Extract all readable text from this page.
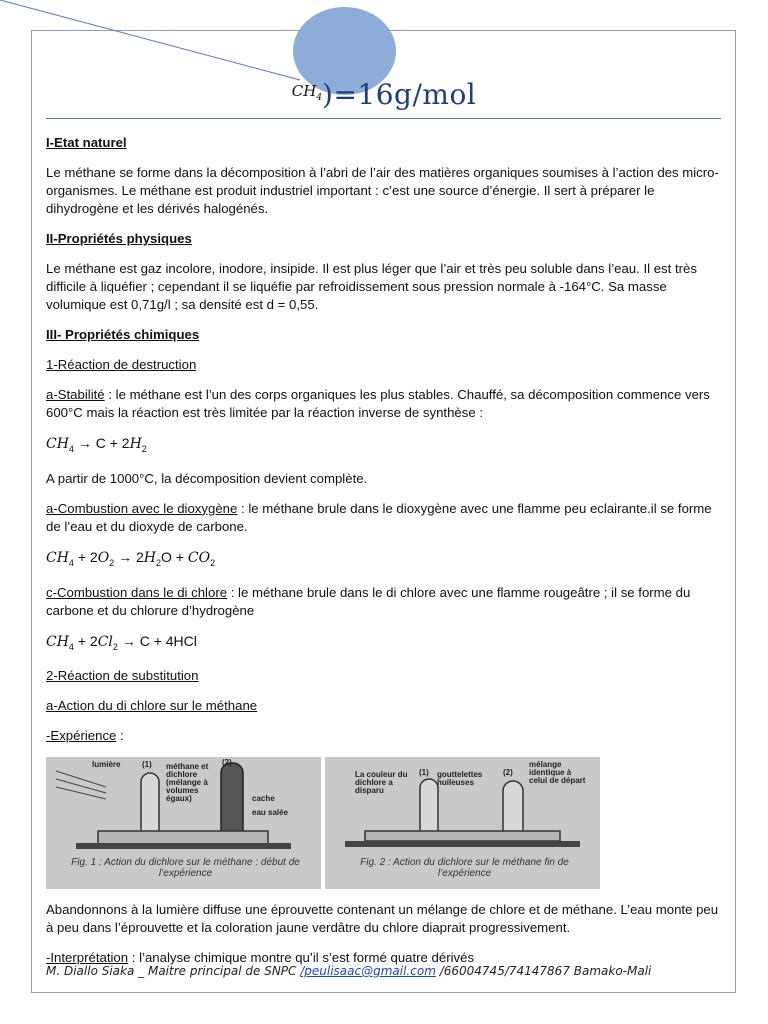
$CH_4)=16g$/mol

I-Etat naturel

Le méthane se forme dans la décomposition à l’abri de l’air des matières organiques soumises à l’action des micro-organismes. Le méthane est produit industriel important : c’est une source d’énergie. Il sert à préparer le dihydrogène et les dérivés halogénés.

II-Propriétés physiques

Le méthane est gaz incolore, inodore, insipide. Il est plus léger que l’air et très peu soluble dans l’eau. Il est très difficile à liquéfier ; cependant il se liquéfie par refroidissement sous pression normale à -164°C. Sa masse volumique est 0,71g/l ; sa densité est d = 0,55.

III- Propriétés chimiques

1-Réaction de destruction

a-Stabilité : le méthane est l’un des corps organiques les plus stables. Chauffé, sa décomposition commence vers 600°C mais la réaction est très limitée par la réaction inverse de synthèse :

$CH_4 \to C + 2H_2$

A partir de 1000°C, la décomposition devient complète.

a-Combustion avec le dioxygène : le méthane brule dans le dioxygène avec une flamme peu eclairante.il se forme de l’eau et du dioxyde de carbone.

$CH_4 + 2O_2 \to 2H_2O + CO_2$

c-Combustion dans le di chlore : le méthane brule dans le di chlore avec une flamme rougeâtre ; il se forme du carbone et du chlorure d’hydrogène

$CH_4 + 2Cl_2 \to C + 4HCl$

2-Réaction de substitution

a-Action du di chlore sur le méthane

-Expérience :

lumière	(1) méthane et dichlore (mélange à volumes égaux)
(2)
cache
eau salée
Fig. 1 : Action du dichlore sur le méthane : début de l’expérience
La couleur du dichlore a disparu
(1) gouttelettes huileuses
(2)
mélange identique à celui de départ
Fig. 2 : Action du dichlore sur le méthane fin de l’expérience

Abandonnons à la lumière diffuse une éprouvette contenant un mélange de chlore et de méthane. L’eau monte peu à peu dans l’éprouvette et la coloration jaune verdâtre du chlore diaprait progressivement.

-Interprétation : l’analyse chimique montre qu’il s’est formé quatre dérivés

M. Diallo Siaka _ Maitre principal de SNPC /peulisaac@gmail.com /66004745/74147867 Bamako-Mali
